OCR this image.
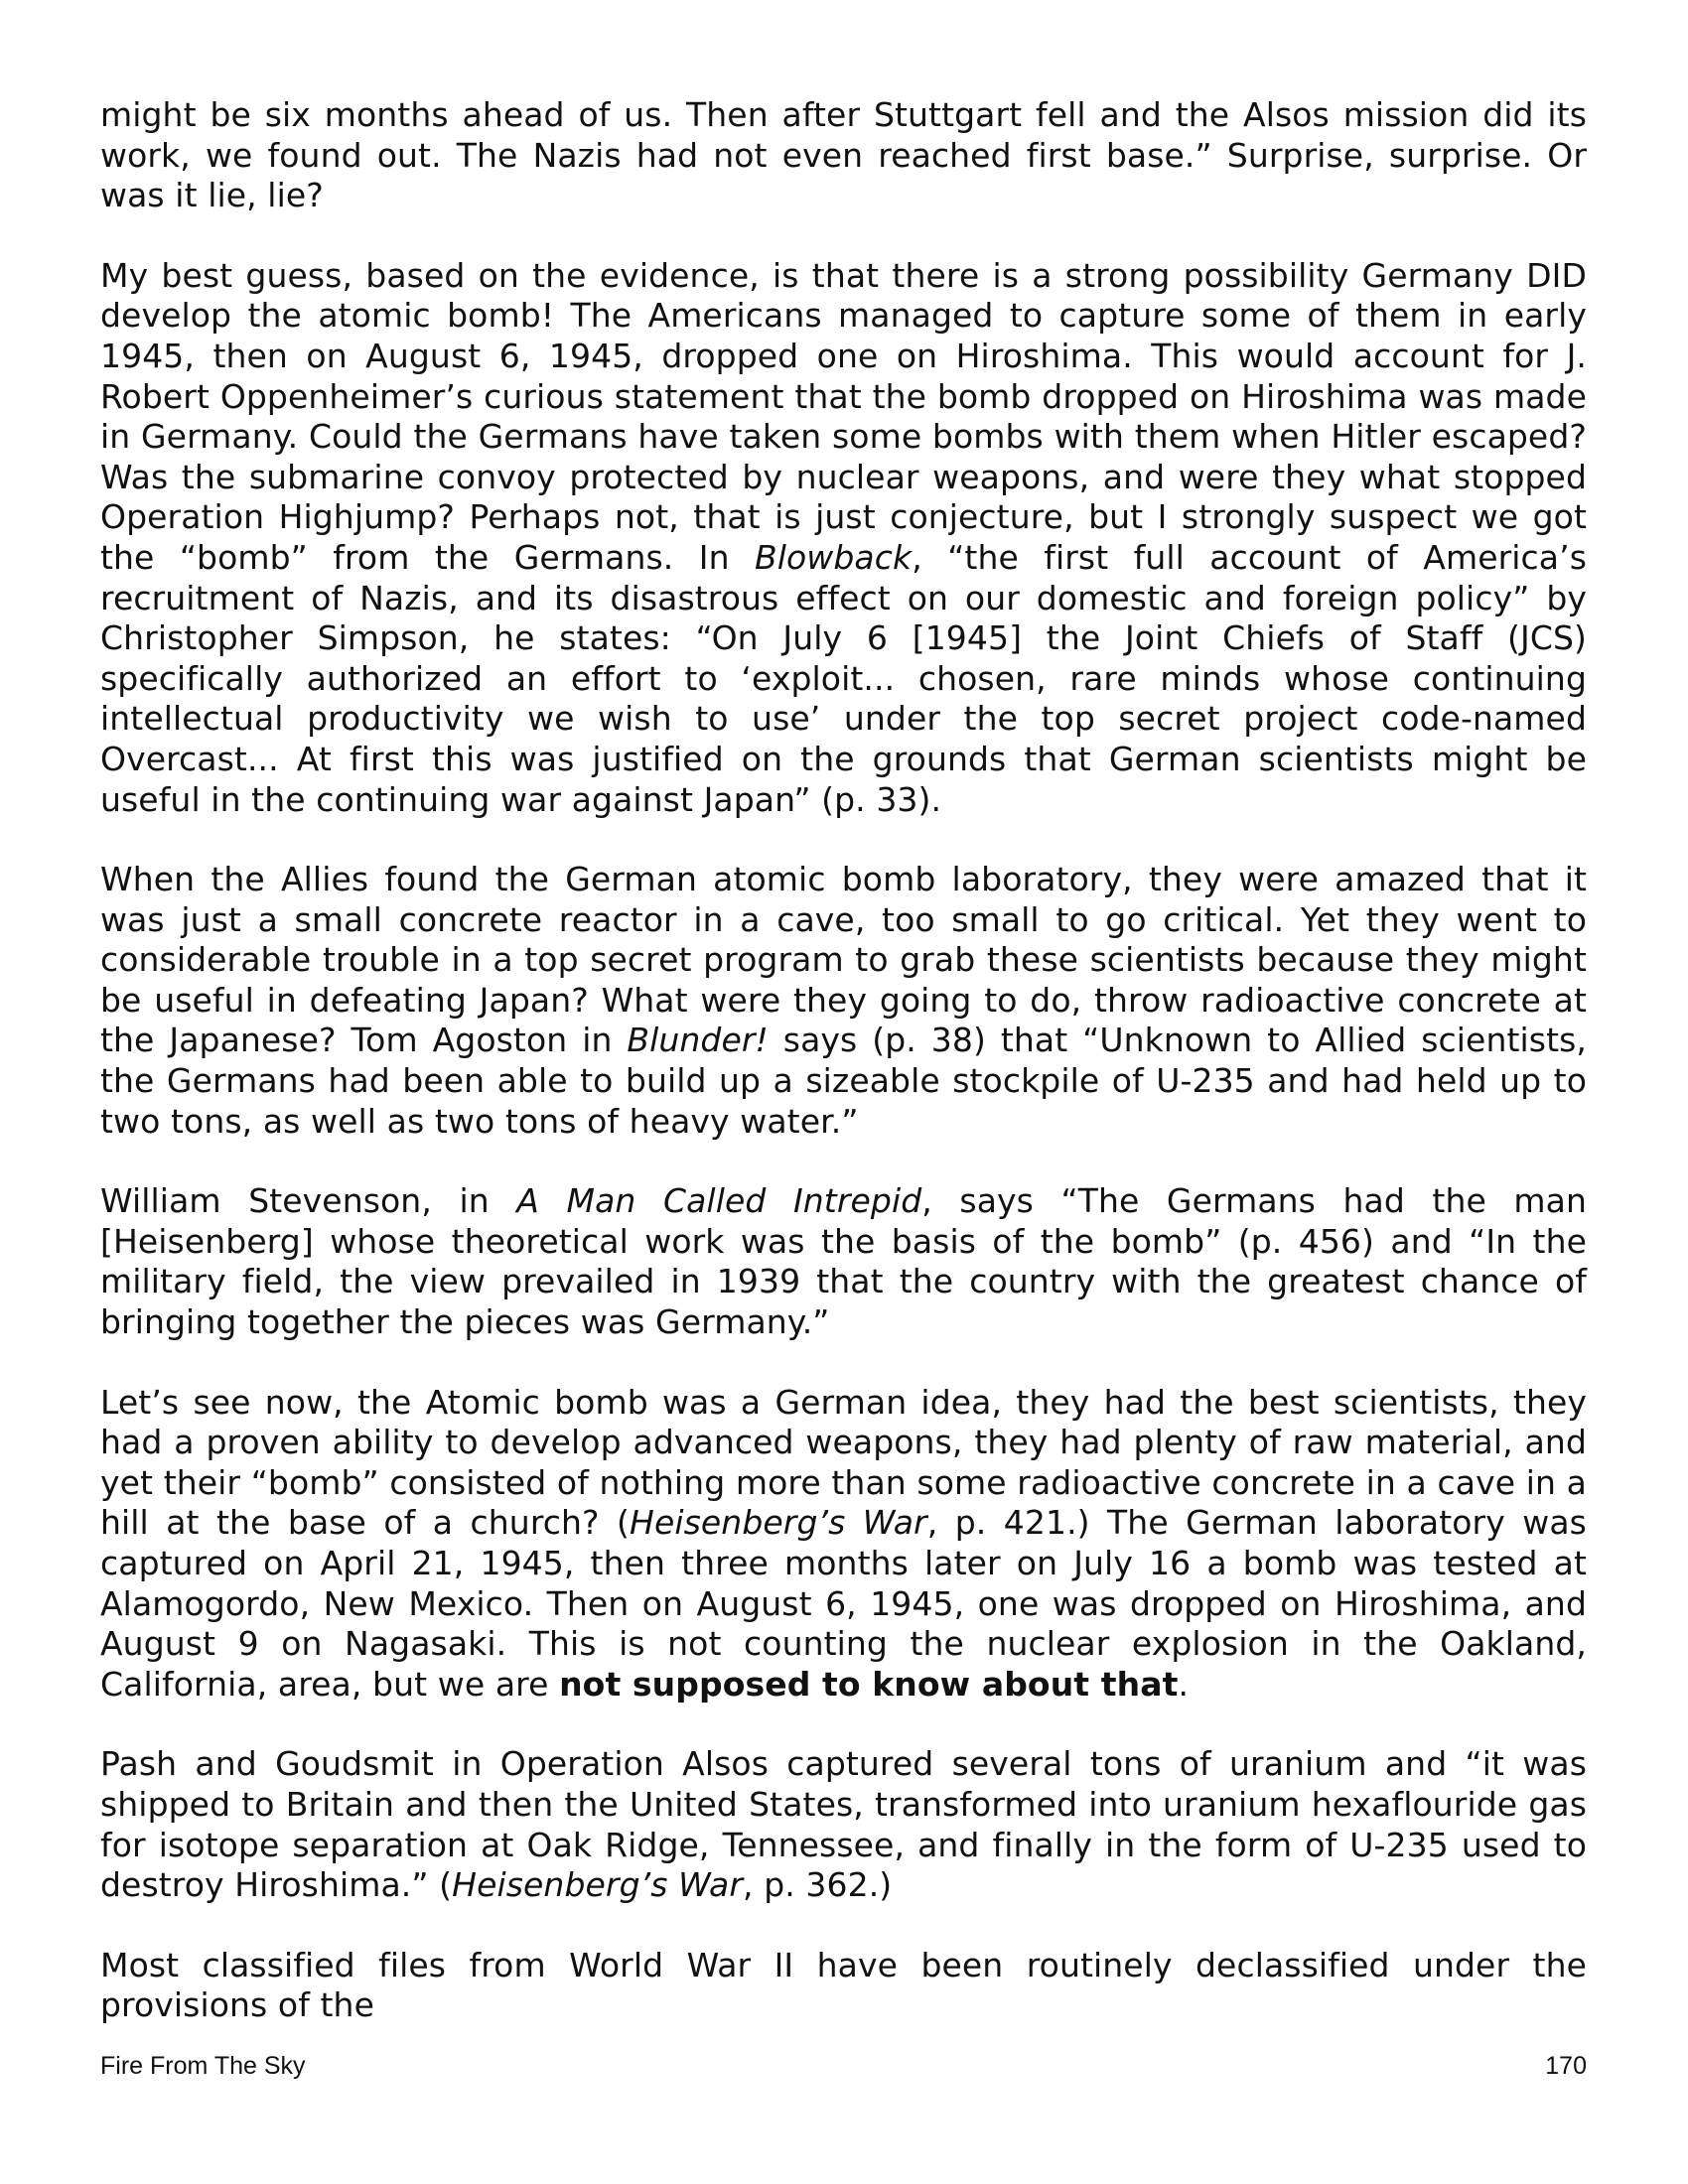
might be six months ahead of us. Then after Stuttgart fell and the Alsos mission did its work, we found out. The Nazis had not even reached first base.” Surprise, surprise. Or was it lie, lie?

My best guess, based on the evidence, is that there is a strong possibility Germany DID develop the atomic bomb! The Americans managed to capture some of them in early 1945, then on August 6, 1945, dropped one on Hiroshima. This would account for J. Robert Oppenheimer’s curious statement that the bomb dropped on Hiroshima was made in Germany. Could the Germans have taken some bombs with them when Hitler escaped? Was the submarine convoy protected by nuclear weapons, and were they what stopped Operation Highjump? Perhaps not, that is just conjecture, but I strongly suspect we got the “bomb” from the Germans. In Blowback, “the first full account of America’s recruitment of Nazis, and its disastrous effect on our domestic and foreign policy” by Christopher Simpson, he states: “On July 6 [1945] the Joint Chiefs of Staff (JCS) specifically authorized an effort to ‘exploit... chosen, rare minds whose continuing intellectual productivity we wish to use’ under the top secret project code-named Overcast... At first this was justified on the grounds that German scientists might be useful in the continuing war against Japan” (p. 33).

When the Allies found the German atomic bomb laboratory, they were amazed that it was just a small concrete reactor in a cave, too small to go critical. Yet they went to considerable trouble in a top secret program to grab these scientists because they might be useful in defeating Japan? What were they going to do, throw radioactive concrete at the Japanese? Tom Agoston in Blunder! says (p. 38) that “Unknown to Allied scientists, the Germans had been able to build up a sizeable stockpile of U-235 and had held up to two tons, as well as two tons of heavy water.”

William Stevenson, in A Man Called Intrepid, says “The Germans had the man [Heisenberg] whose theoretical work was the basis of the bomb” (p. 456) and “In the military field, the view prevailed in 1939 that the country with the greatest chance of bringing together the pieces was Germany.”

Let’s see now, the Atomic bomb was a German idea, they had the best scientists, they had a proven ability to develop advanced weapons, they had plenty of raw material, and yet their “bomb” consisted of nothing more than some radioactive concrete in a cave in a hill at the base of a church? (Heisenberg’s War, p. 421.) The German laboratory was captured on April 21, 1945, then three months later on July 16 a bomb was tested at Alamogordo, New Mexico. Then on August 6, 1945, one was dropped on Hiroshima, and August 9 on Nagasaki. This is not counting the nuclear explosion in the Oakland, California, area, but we are not supposed to know about that.

Pash and Goudsmit in Operation Alsos captured several tons of uranium and “it was shipped to Britain and then the United States, transformed into uranium hexaflouride gas for isotope separation at Oak Ridge, Tennessee, and finally in the form of U-235 used to destroy Hiroshima.” (Heisenberg’s War, p. 362.)

Most classified files from World War II have been routinely declassified under the provisions of the

Fire From The Sky	170
